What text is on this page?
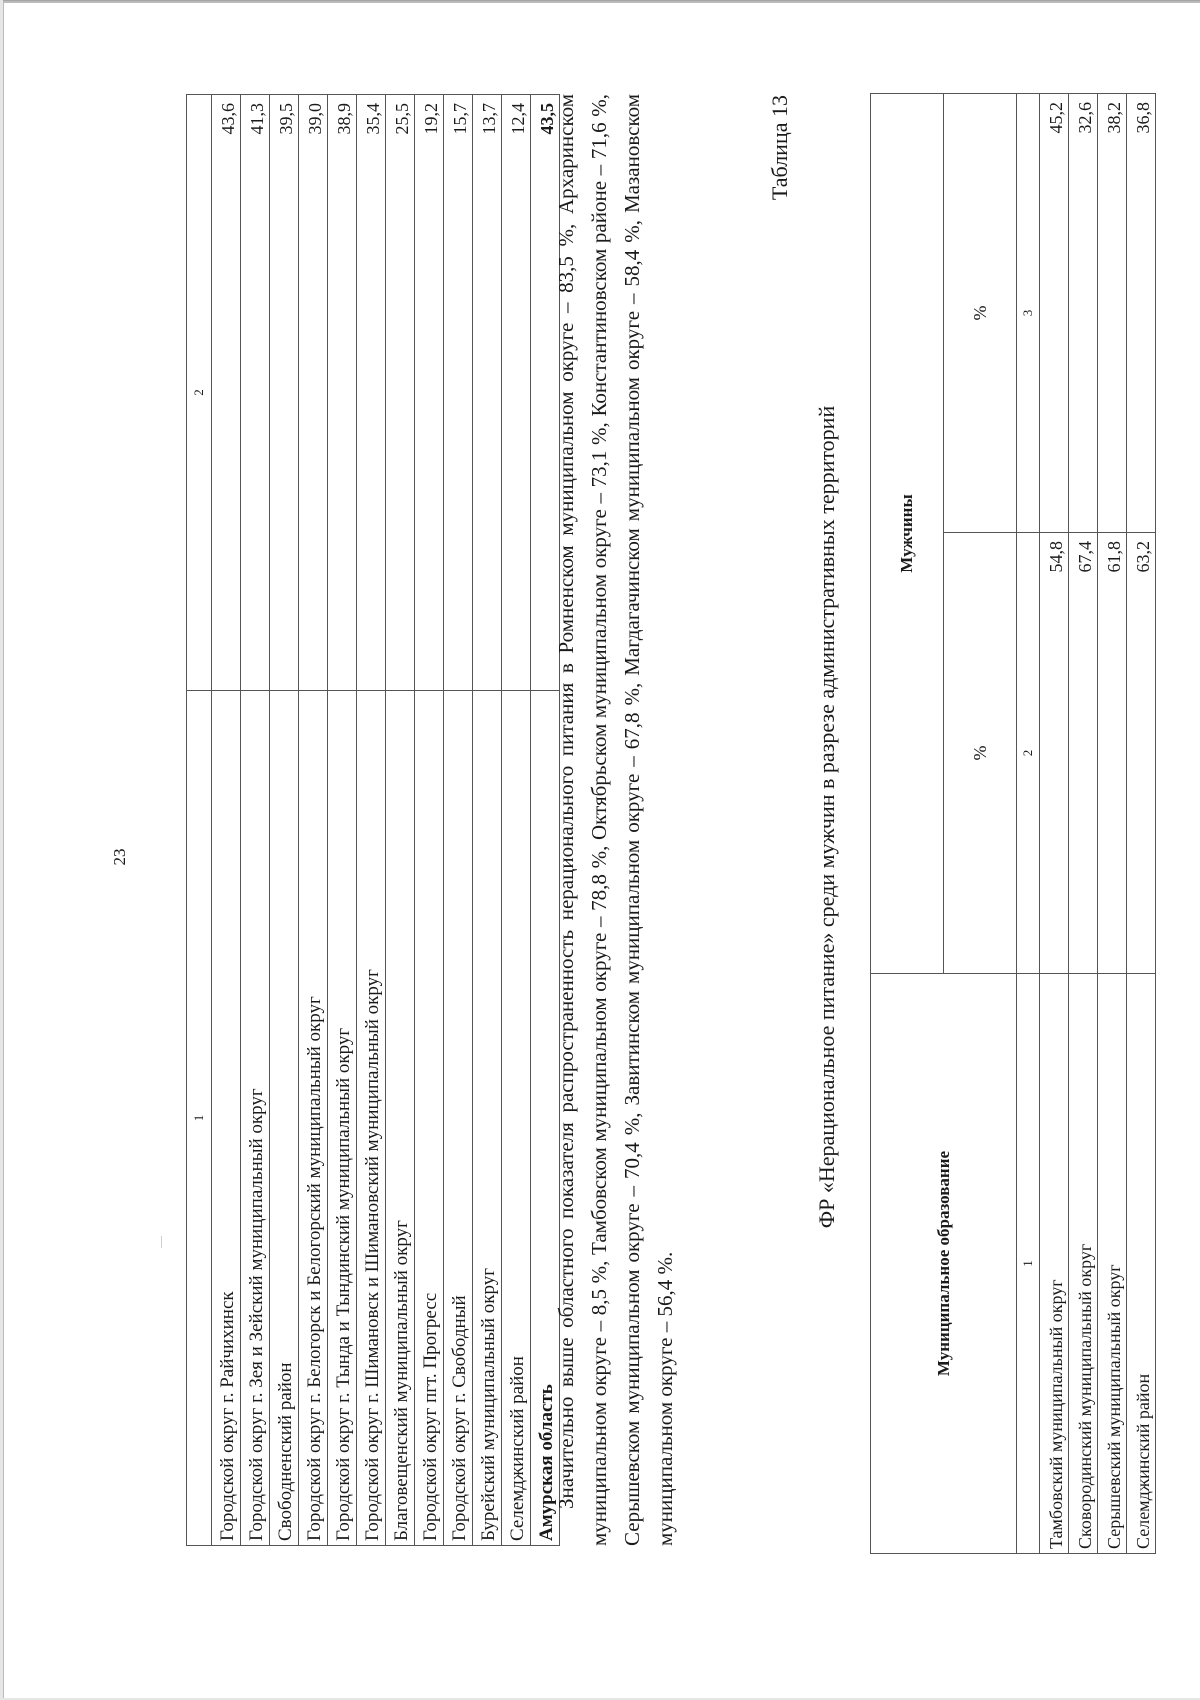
23
1	2
Городской округ г. Райчихинск	43,6
Городской округ г. Зея и Зейский муниципальный округ	41,3
Свободненский район	39,5
Городской округ г. Белогорск и Белогорский муниципальный округ	39,0
Городской округ г. Тында и Тындинский муниципальный округ	38,9
Городской округ г. Шимановск и Шимановский муниципальный округ	35,4
Благовещенский муниципальный округ	25,5
Городской округ пгт. Прогресс	19,2
Городской округ г. Свободный	15,7
Бурейский муниципальный округ	13,7
Селемджинский район	12,4
Амурская область	43,5

Значительно выше областного показателя распространенность нерационального питания в Ромненском муниципальном округе – 83,5 %, Архаринском муниципальном округе – 8,5 %, Тамбовском муниципальном округе – 78,8 %, Октябрьском муниципальном округе – 73,1 %, Константиновском районе – 71,6 %, Серышевском муниципальном округе – 70,4 %, Завитинском муниципальном округе – 67,8 %, Магдагачинском муниципальном округе – 58,4 %, Мазановском муниципальном округе – 56,4 %.

Таблица 13
ФР «Нерациональное питание» среди мужчин в разрезе административных территорий
Муниципальное образование	Мужчины	
	%	%
1	2	3
Тамбовский муниципальный округ	54,8	45,2
Сковородинский муниципальный округ	67,4	32,6
Серышевский муниципальный округ	61,8	38,2
Селемджинский район	63,2	36,8
